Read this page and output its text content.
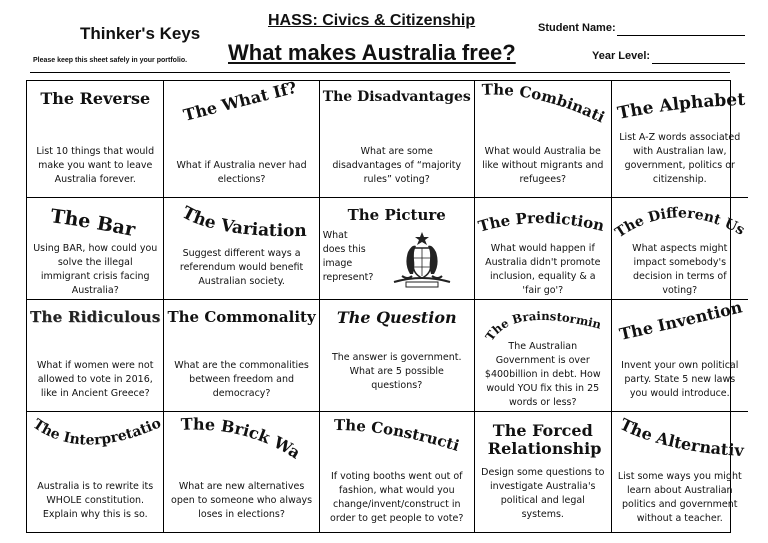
Thinker's Keys
Please keep this sheet safely in your portfolio.
HASS: Civics & Citizenship
What makes Australia free?
Student Name:
Year Level:
The Reverse
List 10 things that would make you want to leave Australia forever.
The What If?
What if Australia never had elections?
The Disadvantages
What are some disadvantages of “majority rules” voting?
The Combination
What would Australia be like without migrants and refugees?
The Alphabet
List A-Z words associated with Australian law, government, politics or citizenship.
The Bar
Using BAR, how could you solve the illegal immigrant crisis facing Australia?
The Variations
Suggest different ways a referendum would benefit Australian society.
The Picture
What does this image represent?
The Prediction
What would happen if Australia didn't promote inclusion, equality & a 'fair go'?
The Different Uses
What aspects might impact somebody's decision in terms of voting?
The Ridiculous
What if women were not allowed to vote in 2016, like in Ancient Greece?
The Commonality
What are the commonalities between freedom and democracy?
The Question
The answer is government. What are 5 possible questions?
The Brainstorming
The Australian Government is over $400billion in debt. How would YOU fix this in 25 words or less?
The Inventions
Invent your own political party. State 5 new laws you would introduce.
The Interpretation
Australia is to rewrite its WHOLE constitution. Explain why this is so.
The Brick Wall
What are new alternatives open to someone who always loses in elections?
The Construction
If voting booths went out of fashion, what would you change/invent/construct in order to get people to vote?
The Forced Relationship
Design some questions to investigate Australia's political and legal systems.
The Alternative
List some ways you might learn about Australian politics and government without a teacher.
